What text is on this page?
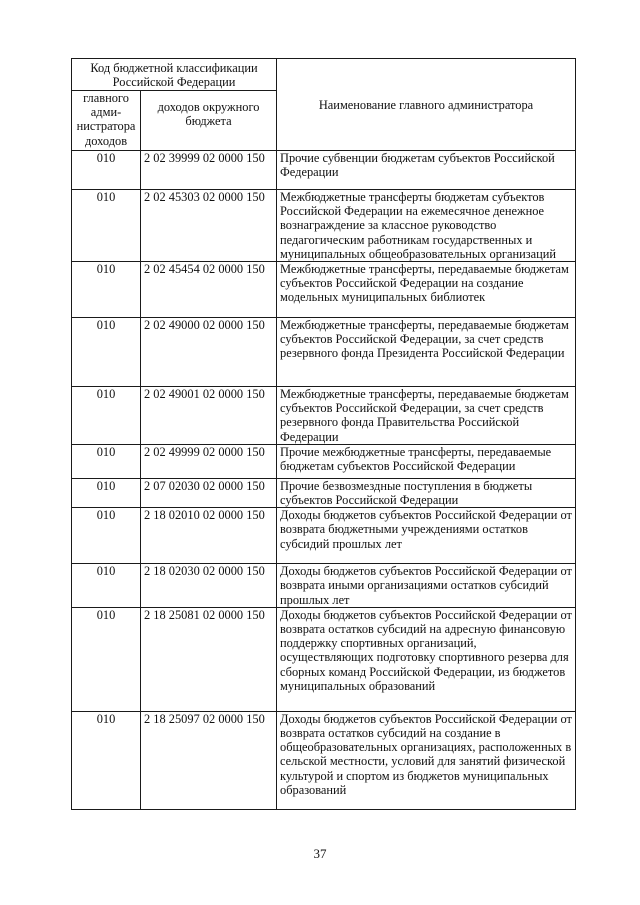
Код бюджетной классификации Российской Федерации		Наименование главного администратора
главного адми-нистратора доходов	доходов окружного бюджета	
010	2 02 39999 02 0000 150	Прочие субвенции бюджетам субъектов Российской Федерации
010	2 02 45303 02 0000 150	Межбюджетные трансферты бюджетам субъектов Российской Федерации на ежемесячное денежное вознаграждение за классное руководство педагогическим работникам государственных и муниципальных общеобразовательных организаций
010	2 02 45454 02 0000 150	Межбюджетные трансферты, передаваемые бюджетам субъектов Российской Федерации на создание модельных муниципальных библиотек
010	2 02 49000 02 0000 150	Межбюджетные трансферты, передаваемые бюджетам субъектов Российской Федерации, за счет средств резервного фонда Президента Российской Федерации
010	2 02 49001 02 0000 150	Межбюджетные трансферты, передаваемые бюджетам субъектов Российской Федерации, за счет средств резервного фонда Правительства Российской Федерации
010	2 02 49999 02 0000 150	Прочие межбюджетные трансферты, передаваемые бюджетам субъектов Российской Федерации
010	2 07 02030 02 0000 150	Прочие безвозмездные поступления в бюджеты субъектов Российской Федерации
010	2 18 02010 02 0000 150	Доходы бюджетов субъектов Российской Федерации от возврата бюджетными учреждениями остатков субсидий прошлых лет
010	2 18 02030 02 0000 150	Доходы бюджетов субъектов Российской Федерации от возврата иными организациями остатков субсидий прошлых лет
010	2 18 25081 02 0000 150	Доходы бюджетов субъектов Российской Федерации от возврата остатков субсидий на адресную финансовую поддержку спортивных организаций, осуществляющих подготовку спортивного резерва для сборных команд Российской Федерации, из бюджетов муниципальных образований
010	2 18 25097 02 0000 150	Доходы бюджетов субъектов Российской Федерации от возврата остатков субсидий на создание в общеобразовательных организациях, расположенных в сельской местности, условий для занятий физической культурой и спортом из бюджетов муниципальных образований
37
